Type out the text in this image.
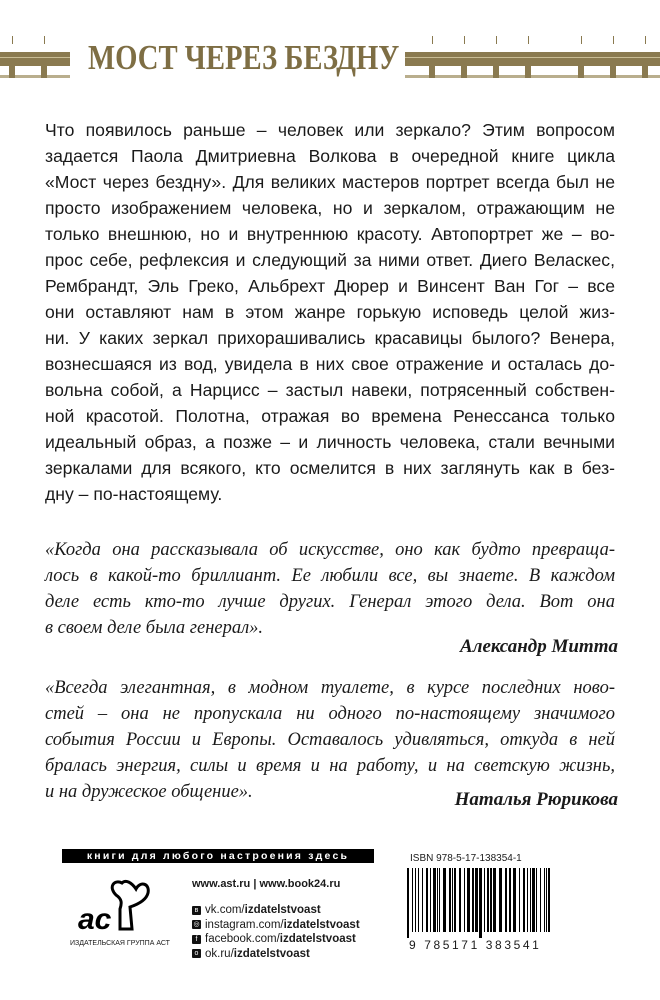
МОСТ ЧЕРЕЗ БЕЗДНУ
Что появилось раньше – человек или зеркало? Этим вопросом
задается Паола Дмитриевна Волкова в очередной книге цикла
«Мост через бездну». Для великих мастеров портрет всегда был не
просто изображением человека, но и зеркалом, отражающим не
только внешнюю, но и внутреннюю красоту. Автопортрет же – во-
прос себе, рефлексия и следующий за ними ответ. Диего Веласкес,
Рембрандт, Эль Греко, Альбрехт Дюрер и Винсент Ван Гог – все
они оставляют нам в этом жанре горькую исповедь целой жиз-
ни. У каких зеркал прихорашивались красавицы былого? Венера,
вознесшаяся из вод, увидела в них свое отражение и осталась до-
вольна собой, а Нарцисс – застыл навеки, потрясенный собствен-
ной красотой. Полотна, отражая во времена Ренессанса только
идеальный образ, а позже – и личность человека, стали вечными
зеркалами для всякого, кто осмелится в них заглянуть как в без-
дну – по-настоящему.
«Когда она рассказывала об искусстве, оно как будто превраща-
лось в какой-то бриллиант. Ее любили все, вы знаете. В каждом
деле есть кто-то лучше других. Генерал этого дела. Вот она
в своем деле была генерал».
Александр Митта
«Всегда элегантная, в модном туалете, в курсе последних ново-
стей – она не пропускала ни одного по-настоящему значимого
события России и Европы. Оставалось удивляться, откуда в ней
бралась энергия, силы и время и на работу, и на светскую жизнь,
и на дружеское общение».	Наталья Рюрикова
книги для любого настроения здесь
ас
ИЗДАТЕЛЬСКАЯ ГРУППА АСТ
www.ast.ru | www.book24.ru
в vk.com/ izdatelstvoast
◎ instagram.com/ izdatelstvoast
f facebook.com/ izdatelstvoast
о ok.ru/ izdatelstvoast
ISBN 978-5-17-138354-1
9 785171 383541
